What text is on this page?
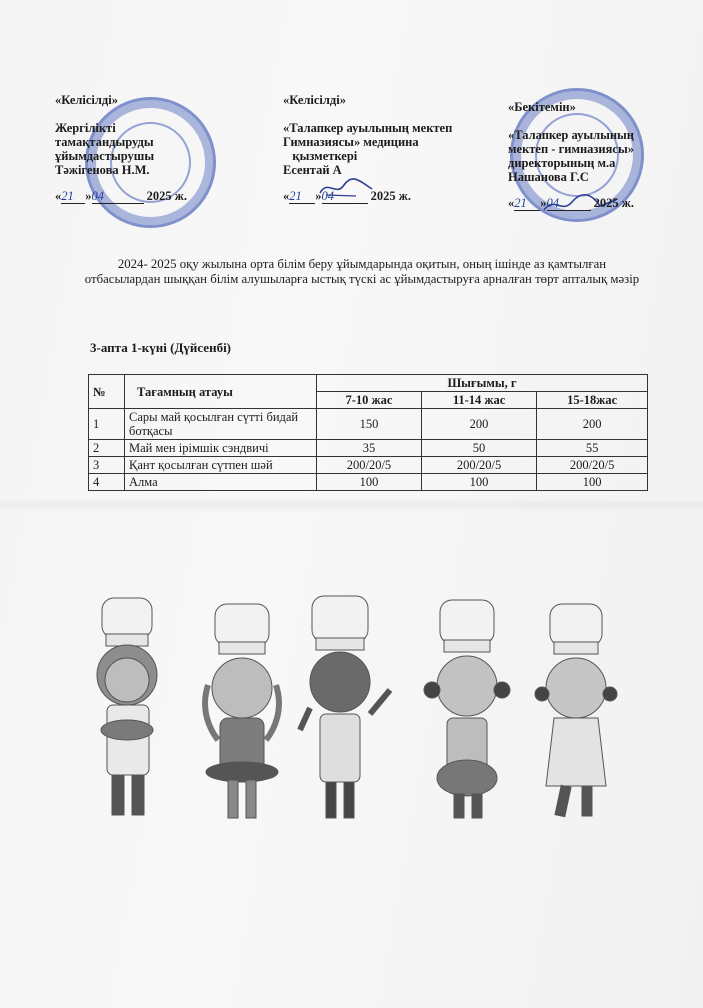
«Келісілді»
Жергілікті
тамақтандыруды
ұйымдастырушы
Тәжігенова Н.М.
«21 »04	2025 ж.
«Келісілді»
«Талапкер ауылының мектеп
Гимназиясы» медицина
қызметкері
Есентай А
«21 »04	2025 ж.
«Бекітемін»
«Талапкер ауылының
мектеп - гимназиясы»
директорының м.а
Нашанова Г.С
«21 »04	2025 ж.
2024- 2025 оқу жылына орта білім беру ұйымдарында оқитын, оның ішінде аз қамтылған отбасылардан шыққан білім алушыларға ыстық түскі ас ұйымдастыруға арналған төрт апталық мәзір
3-апта 1-күні (Дүйсенбі)
№	Тағамның атауы	Шығымы, г		
		7-10 жас	11-14 жас	15-18жас
1	Сары май қосылған сүтті бидай ботқасы	150	200	200
2	Май мен ірімшік сэндвичі	35	50	55
3	Қант қосылған сүтпен шәй	200/20/5	200/20/5	200/20/5
4	Алма	100	100	100
